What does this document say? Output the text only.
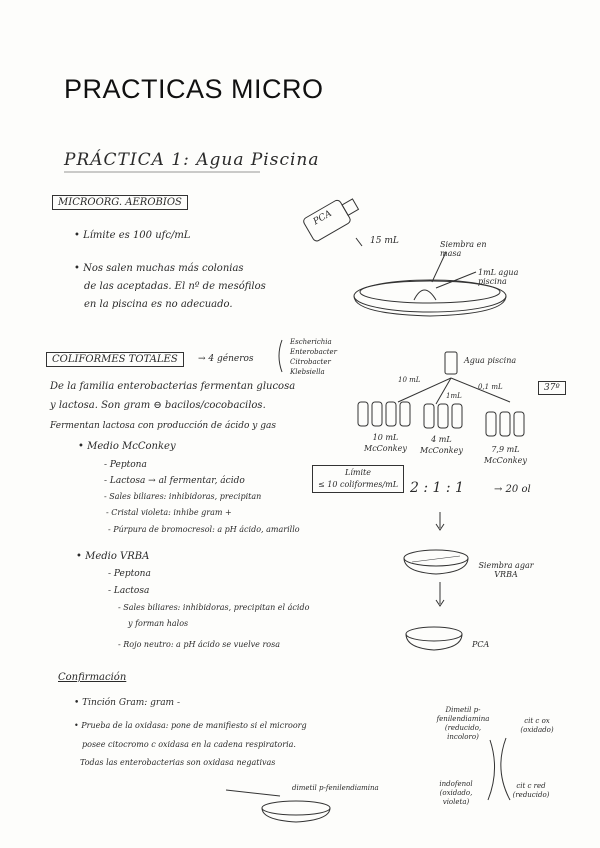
PRACTICAS MICRO
PRÁCTICA 1: Agua Piscina
MICROORG. AEROBIOS
• Límite es 100 ufc/mL
• Nos salen muchas más colonias
de las aceptadas. El nº de mesófilos
en la piscina es no adecuado.
PCA
15 mL	Siembra en masa
1mL agua piscina
COLIFORMES TOTALES	→ 4 géneros
Escherichia
Enterobacter
Citrobacter
Klebsiella
De la familia enterobacterias fermentan glucosa
y lactosa. Son gram ⊖ bacilos/cocobacilos.
Fermentan lactosa con producción de ácido y gas
• Medio McConkey
- Peptona
- Lactosa → al fermentar, ácido
- Sales biliares: inhibidoras, precipitan
- Cristal violeta: inhibe gram +
- Púrpura de bromocresol: a pH ácido, amarillo
Límite
≤ 10 coliformes/mL
• Medio VRBA
- Peptona
- Lactosa
- Sales biliares: inhibidoras, precipitan el ácido
y forman halos
- Rojo neutro: a pH ácido se vuelve rosa
Agua piscina
37º
10 mL
1mL
0,1 mL
10 mL
McConkey
4 mL
McConkey	7,9 mL
McConkey
2 : 1 : 1	→ 20 ol
Siembra agar VRBA
PCA
Confirmación
• Tinción Gram: gram -
• Prueba de la oxidasa: pone de manifiesto si el microorg
posee citocromo c oxidasa en la cadena respiratoria.
Todas las enterobacterias son oxidasa negativas
Dimetil p- fenilendiamina (reducido, incoloro)
cit c ox (oxidado)
indofenol (oxidado, violeta)
cit c red (reducido)
dimetil p-fenilendiamina
